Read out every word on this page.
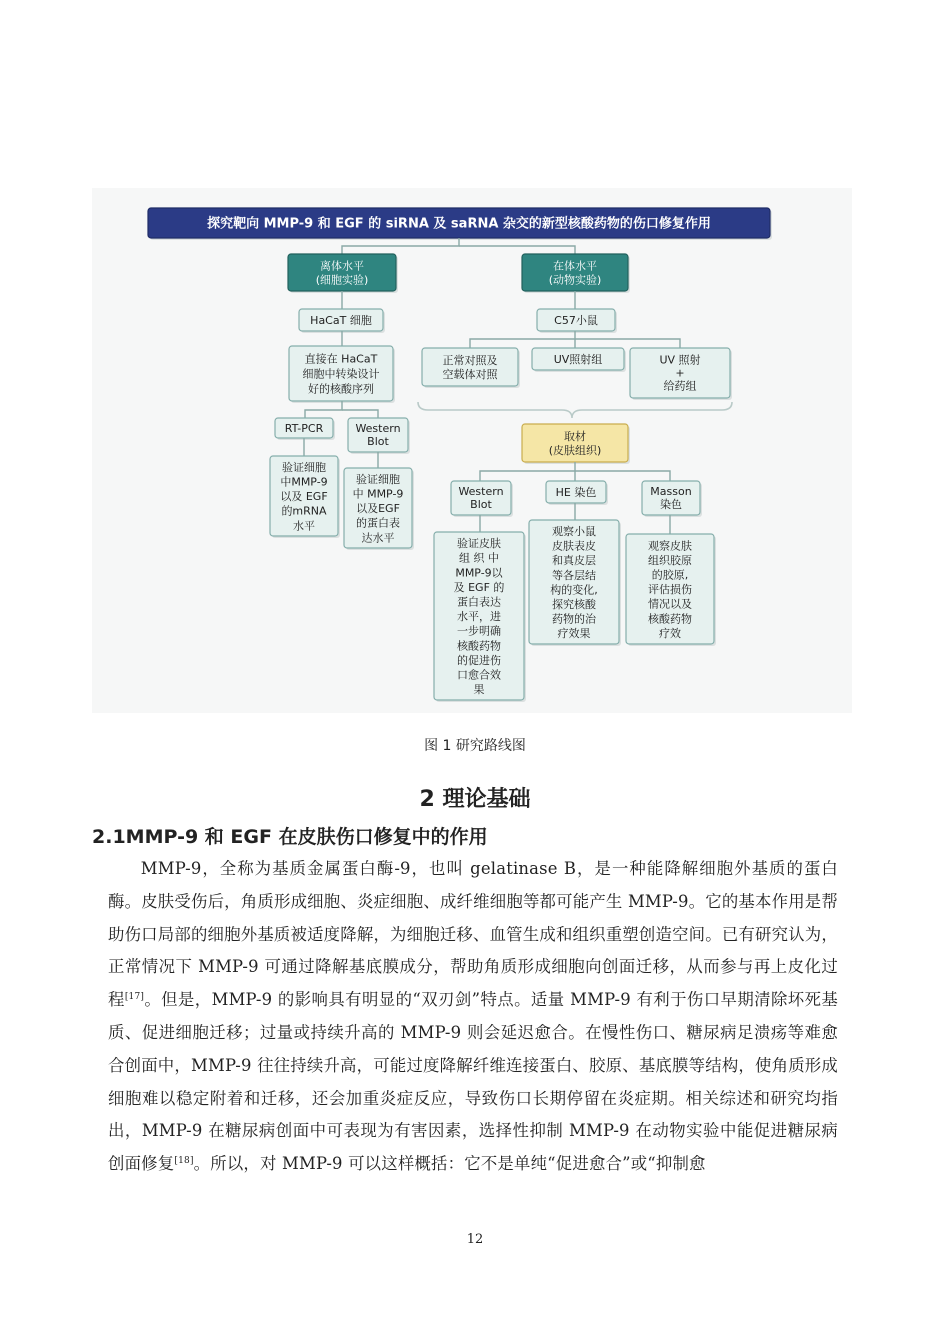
探究靶向 MMP-9 和 EGF 的 siRNA 及 saRNA 杂交的新型核酸药物的伤口修复作用
离体水平
(细胞实验)
在体水平
(动物实验)
HaCaT 细胞	C57小鼠
直接在 HaCaT
细胞中转染设计
好的核酸序列
RT-PCR	Western
Blot
验证细胞
中MMP-9
以及 EGF
的mRNA
水平
验证细胞
中 MMP-9
以及EGF
的蛋白表
达水平
正常对照及
空载体对照
UV照射组	UV 照射
+
给药组
取材
(皮肤组织)
Western
Blot
HE 染色	Masson
染色
验证皮肤
组 织 中
MMP-9以
及 EGF 的
蛋白表达
水平，进
一步明确
核酸药物
的促进伤
口愈合效
果
观察小鼠
皮肤表皮
和真皮层
等各层结
构的变化,
探究核酸
药物的治
疗效果
观察皮肤
组织胶原
的胶原,
评估损伤
情况以及
核酸药物
疗效
图 1 研究路线图
2 理论基础
2.1MMP-9 和 EGF 在皮肤伤口修复中的作用

MMP-9，全称为基质金属蛋白酶-9，也叫 gelatinase B，是一种能降解细胞外基质的蛋白酶。皮肤受伤后，角质形成细胞、炎症细胞、成纤维细胞等都可能产生 MMP-9。它的基本作用是帮助伤口局部的细胞外基质被适度降解，为细胞迁移、血管生成和组织重塑创造空间。已有研究认为，正常情况下 MMP-9 可通过降解基底膜成分，帮助角质形成细胞向创面迁移，从而参与再上皮化过程[17]。但是，MMP-9 的影响具有明显的“双刃剑”特点。适量 MMP-9 有利于伤口早期清除坏死基质、促进细胞迁移；过量或持续升高的 MMP-9 则会延迟愈合。在慢性伤口、糖尿病足溃疡等难愈合创面中，MMP-9 往往持续升高，可能过度降解纤维连接蛋白、胶原、基底膜等结构，使角质形成细胞难以稳定附着和迁移，还会加重炎症反应，导致伤口长期停留在炎症期。相关综述和研究均指出，MMP-9 在糖尿病创面中可表现为有害因素，选择性抑制 MMP-9 在动物实验中能促进糖尿病创面修复[18]。所以，对 MMP-9 可以这样概括：它不是单纯“促进愈合”或“抑制愈

12
